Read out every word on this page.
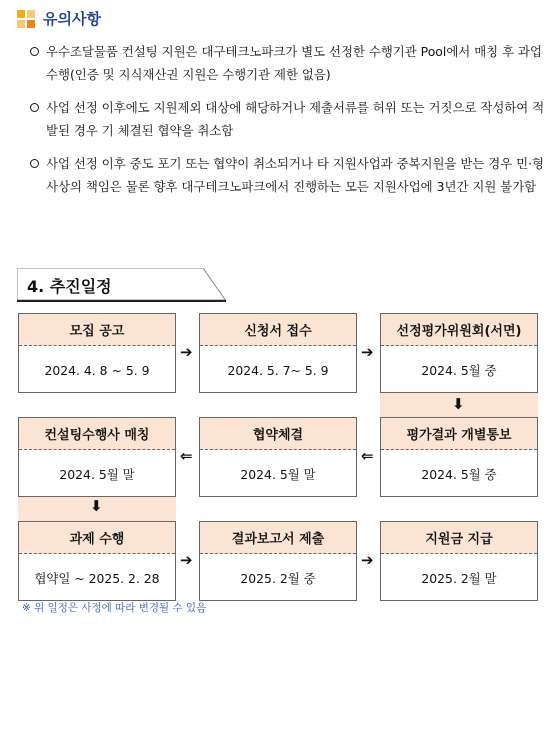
유의사항
우수조달물품 컨설팅 지원은 대구테크노파크가 별도 선정한 수행기관 Pool에서 매칭 후 과업 수행(인증 및 지식재산권 지원은 수행기관 제한 없음)
사업 선정 이후에도 지원제외 대상에 해당하거나 제출서류를 허위 또는 거짓으로 작성하여 적발된 경우 기 체결된 협약을 취소함
사업 선정 이후 중도 포기 또는 협약이 취소되거나 타 지원사업과 중복지원을 받는 경우 민·형사상의 책임은 물론 향후 대구테크노파크에서 진행하는 모든 지원사업에 3년간 지원 불가함
4. 추진일정
모집 공고
2024. 4. 8 ~ 5. 9
신청서 접수
2024. 5. 7~ 5. 9
선정평가위원회(서면)
2024. 5월 중
➔	➔
⬇
평가결과 개별통보
2024. 5월 중
협약체결
2024. 5월 말
컨설팅수행사 매칭
2024. 5월 말
⇐
⇐
⬇
과제 수행
협약일 ~ 2025. 2. 28
결과보고서 제출
2025. 2월 중
지원금 지급
2025. 2월 말
➔	➔
※ 위 일정은 사정에 따라 변경될 수 있음
